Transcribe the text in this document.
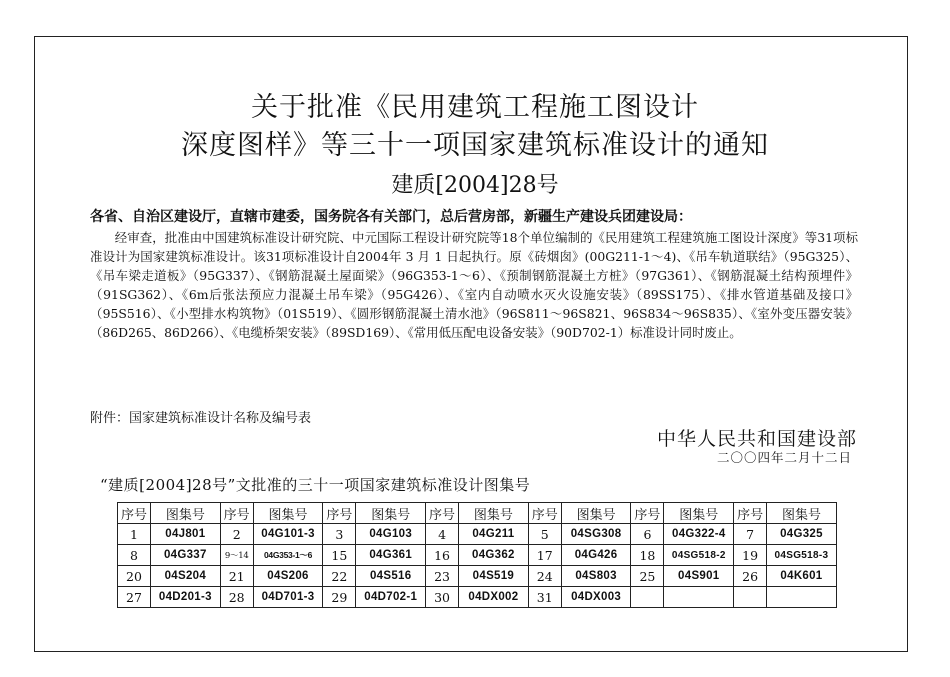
关于批准《民用建筑工程施工图设计
深度图样》等三十一项国家建筑标准设计的通知
建质[2004]28号
各省、自治区建设厅，直辖市建委，国务院各有关部门，总后营房部，新疆生产建设兵团建设局：
经审查，批准由中国建筑标准设计研究院、中元国际工程设计研究院等18个单位编制的《民用建筑工程建筑施工图设计深度》等31项标准设计为国家建筑标准设计。该31项标准设计自2004年 3 月 1 日起执行。原《砖烟囱》(00G211-1～4)、《吊车轨道联结》（95G325）、《吊车梁走道板》（95G337）、《钢筋混凝土屋面梁》（96G353-1～6）、《预制钢筋混凝土方桩》（97G361）、《钢筋混凝土结构预埋件》（91SG362）、《6m后张法预应力混凝土吊车梁》（95G426）、《室内自动喷水灭火设施安装》（89SS175）、《排水管道基础及接口》（95S516）、《小型排水构筑物》（01S519）、《圆形钢筋混凝土清水池》（96S811～96S821、96S834～96S835）、《室外变压器安装》（86D265、86D266）、《电缆桥架安装》（89SD169）、《常用低压配电设备安装》（90D702-1）标准设计同时废止。
附件：国家建筑标准设计名称及编号表
中华人民共和国建设部
二〇〇四年二月十二日
“建质[2004]28号”文批准的三十一项国家建筑标准设计图集号
序号	图集号	序号	图集号	序号	图集号	序号	图集号	序号	图集号	序号	图集号	序号	图集号
1	04J801	2	04G101-3	3	04G103	4	04G211	5	04SG308	6	04G322-4	7	04G325
8	04G337	9～14	04G353-1～6	15	04G361	16	04G362	17	04G426	18	04SG518-2	19	04SG518-3
20	04S204	21	04S206	22	04S516	23	04S519	24	04S803	25	04S901	26	04K601
27	04D201-3	28	04D701-3	29	04D702-1	30	04DX002	31	04DX003				
